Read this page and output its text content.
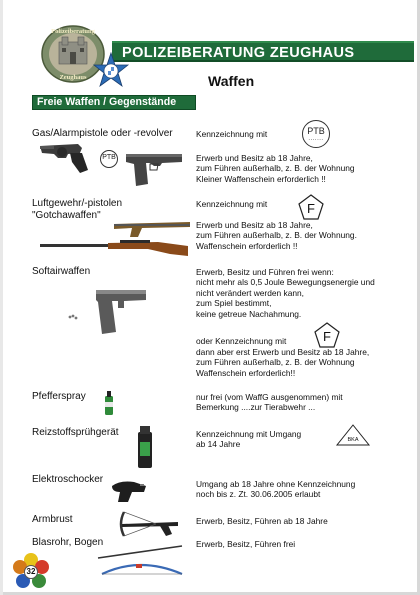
Polizeiberatung
Zeughaus
POLIZEIBERATUNG ZEUGHAUS
Waffen
Freie Waffen / Gegenstände
Gas/Alarmpistole oder -revolver	Kennzeichnung mit	PTB
.......
PTB	Erwerb und Besitz ab 18 Jahre,
zum Führen außerhalb, z. B. der Wohnung
Kleiner Waffenschein erforderlich !!
Luftgewehr/-pistolen
"Gotchawaffen"
Kennzeichnung mit	F
Erwerb und Besitz ab 18 Jahre,
zum Führen außerhalb, z. B. der Wohnung.
Waffenschein erforderlich !!
Softairwaffen	Erwerb, Besitz und Führen frei wenn:
nicht mehr als 0,5 Joule Bewegungsenergie und
nicht verändert werden kann,
zum Spiel bestimmt,
keine getreue Nachahmung.
oder Kennzeichnung mit	F
dann aber erst Erwerb und Besitz ab 18 Jahre,
zum Führen außerhalb, z. B. der Wohnung
Waffenschein erforderlich!!
Pfefferspray	nur frei (vom WaffG ausgenommen) mit
Bemerkung ....zur Tierabwehr ...
Reizstoffsprühgerät	Kennzeichnung mit Umgang
ab 14 Jahre	BKA
Elektroschocker	Umgang ab 18 Jahre ohne Kennzeichnung
noch bis z. Zt. 30.06.2005 erlaubt
Armbrust	Erwerb, Besitz, Führen ab 18 Jahre
Blasrohr, Bogen	Erwerb, Besitz, Führen frei
32
